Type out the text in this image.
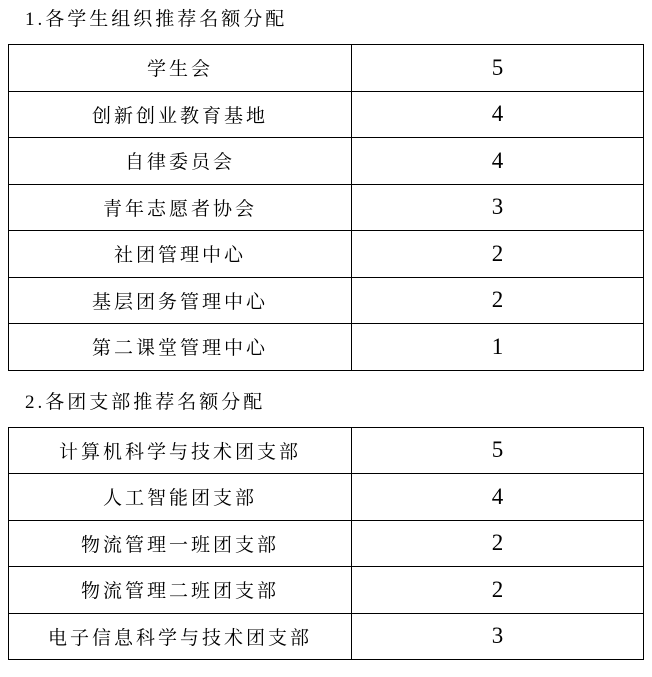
1.各学生组织推荐名额分配
学生会	5
创新创业教育基地	4
自律委员会	4
青年志愿者协会	3
社团管理中心	2
基层团务管理中心	2
第二课堂管理中心	1
2.各团支部推荐名额分配
计算机科学与技术团支部	5
人工智能团支部	4
物流管理一班团支部	2
物流管理二班团支部	2
电子信息科学与技术团支部	3
